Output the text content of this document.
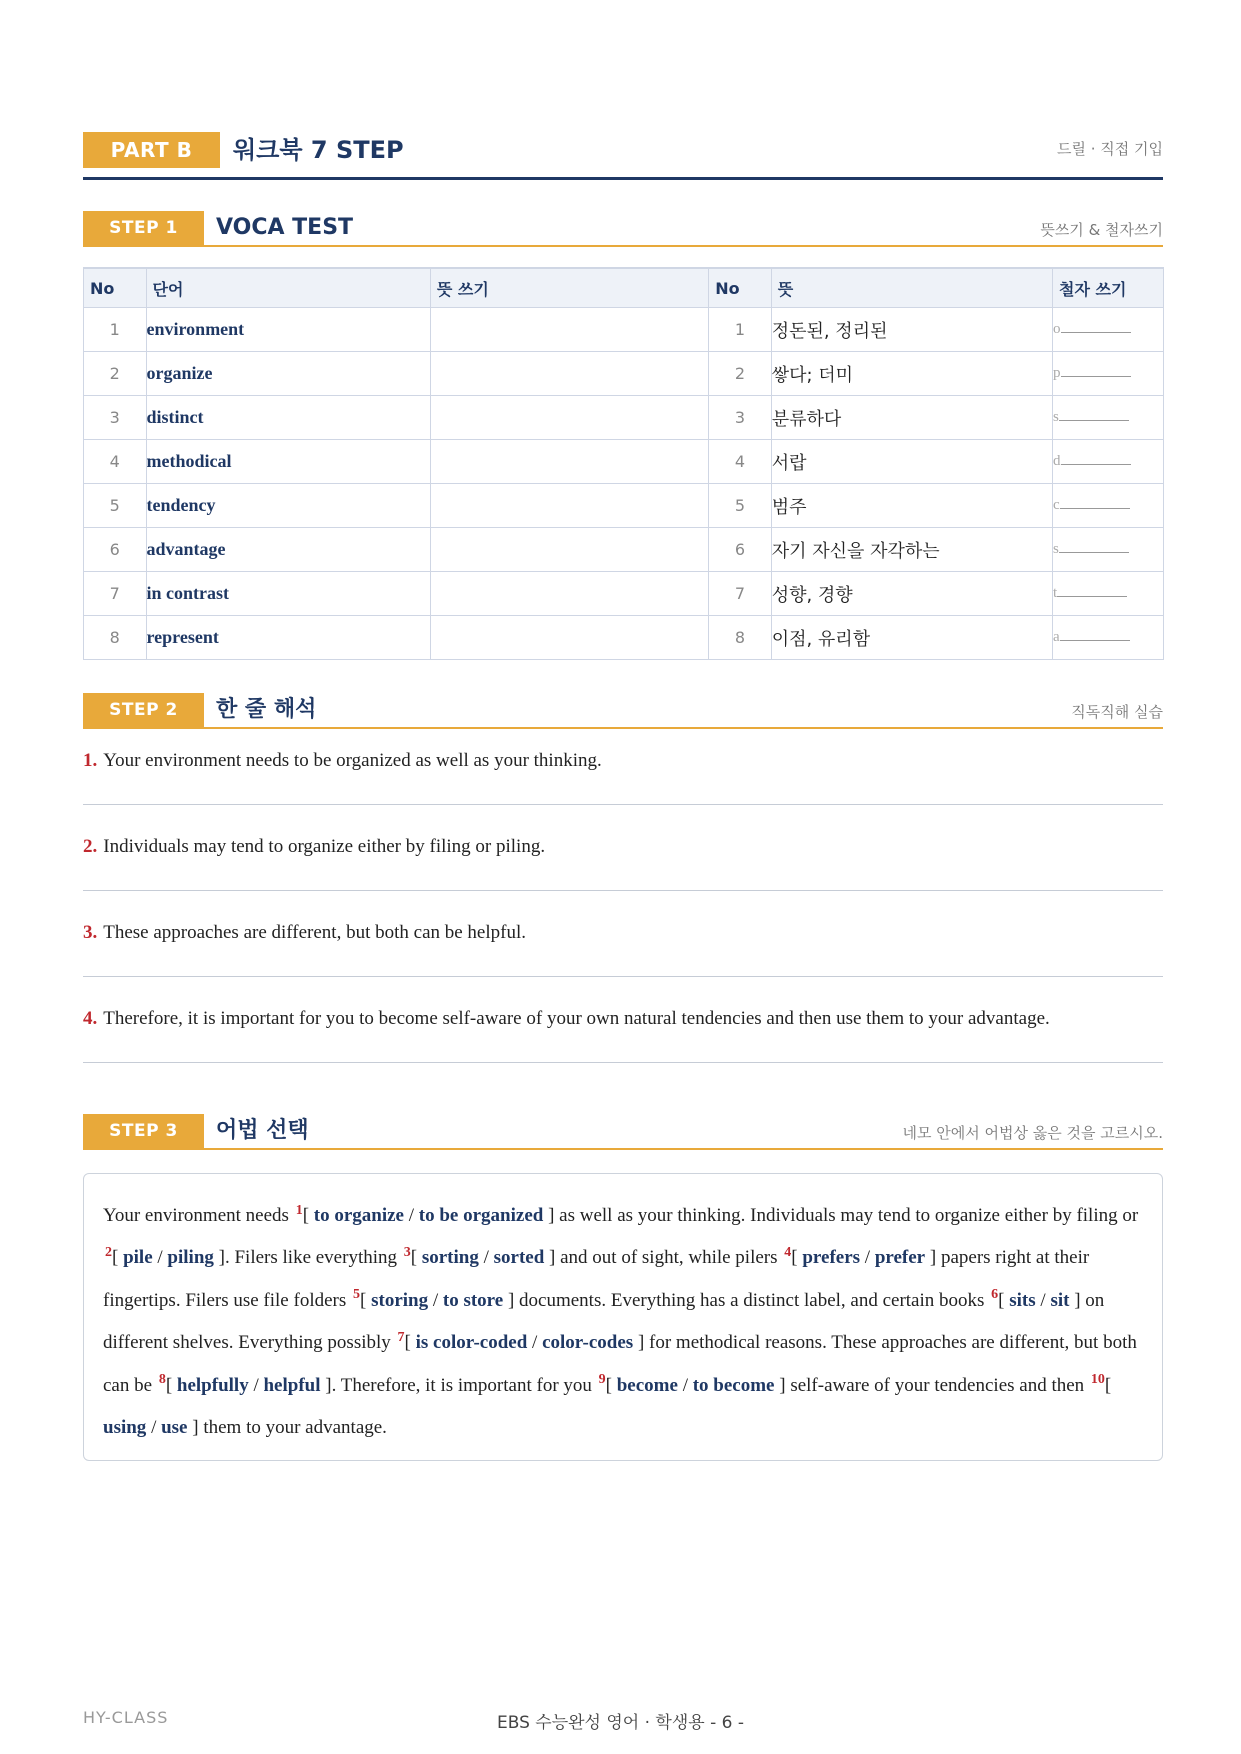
PART B	워크북 7 STEP	드릴 · 직접 기입
STEP 1	VOCA TEST	뜻쓰기 & 철자쓰기
No	단어	뜻 쓰기	No	뜻	철자 쓰기
1	environment		1	정돈된, 정리된	o
2	organize		2	쌓다; 더미	p
3	distinct		3	분류하다	s
4	methodical		4	서랍	d
5	tendency		5	범주	c
6	advantage		6	자기 자신을 자각하는	s
7	in contrast		7	성향, 경향	t
8	represent		8	이점, 유리함	a
STEP 2	한 줄 해석	직독직해 실습
1. Your environment needs to be organized as well as your thinking.
2. Individuals may tend to organize either by filing or piling.
3. These approaches are different, but both can be helpful.
4. Therefore, it is important for you to become self-aware of your own natural tendencies and then use them to your advantage.
STEP 3	어법 선택	네모 안에서 어법상 옳은 것을 고르시오.
Your environment needs $^1$[ to organize / to be organized ] as well as your thinking. Individuals may tend to organize either by filing or $^2$[ pile / piling ]. Filers like everything $^3$[ sorting / sorted ] and out of sight, while pilers $^4$[ prefers / prefer ] papers right at their fingertips. Filers use file folders $^5$[ storing / to store ] documents. Everything has a distinct label, and certain books $^6$[ sits / sit ] on different shelves. Everything possibly $^7$[ is color-coded / color-codes ] for methodical reasons. These approaches are different, but both can be $^8$[ helpfully / helpful ]. Therefore, it is important for you $^9$[ become / to become ] self-aware of your tendencies and then $^{10}$[ using / use ] them to your advantage.
HY-CLASS	EBS 수능완성 영어 · 학생용 - 6 -
